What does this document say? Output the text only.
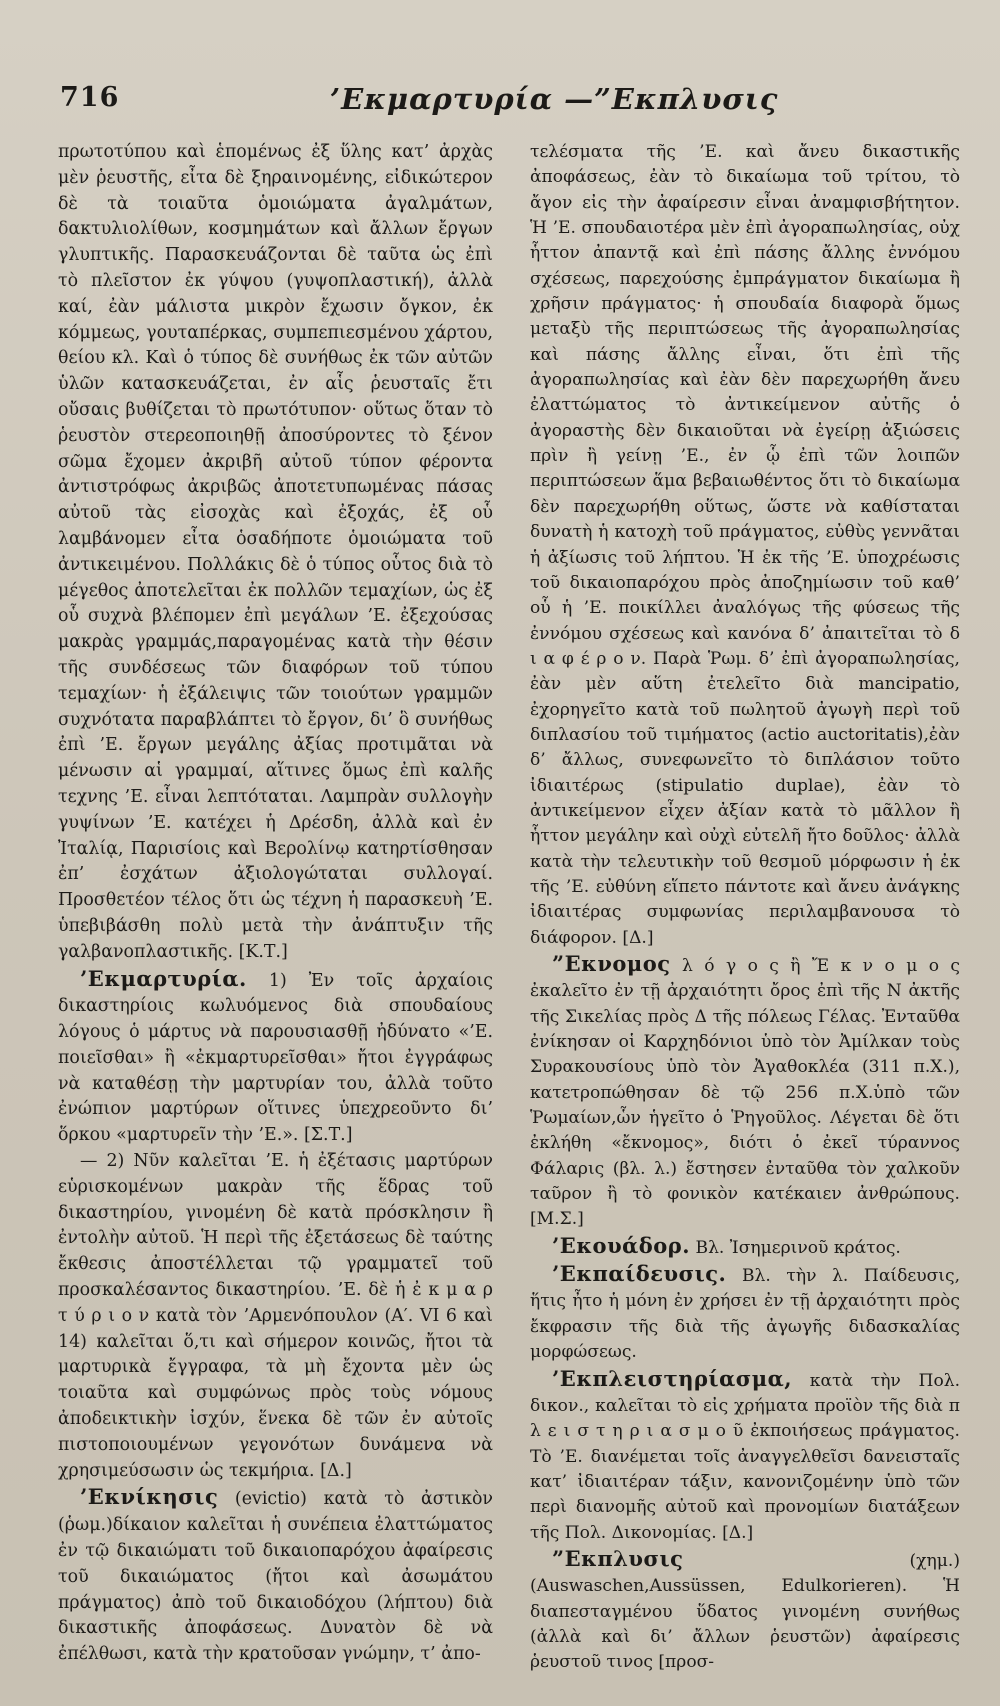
716	’Εκμαρτυρία —”Εκπλυσις

πρωτοτύπου καὶ ἑπομένως ἐξ ὕλης κατ’ ἀρχὰς μὲν ῥευστῆς, εἶτα δὲ ξηραινομένης, εἰδικώτερον δὲ τὰ τοιαῦτα ὁμοιώματα ἀγαλμάτων, δακτυλιολίθων, κοσμημάτων καὶ ἄλλων ἔργων γλυπτικῆς. Παρασκευάζονται δὲ ταῦτα ὡς ἐπὶ τὸ πλεῖστον ἐκ γύψου (γυψοπλαστική), ἀλλὰ καί, ἐὰν μάλιστα μικρὸν ἔχωσιν ὄγκον, ἐκ κόμμεως, γουταπέρκας, συμπεπιεσμένου χάρτου, θείου κλ. Καὶ ὁ τύπος δὲ συνήθως ἐκ τῶν αὐτῶν ὑλῶν κατασκευάζεται, ἐν αἷς ῥευσταῖς ἔτι οὔσαις βυθίζεται τὸ πρωτότυπον· οὕτως ὅταν τὸ ῥευστὸν στερεοποιηθῇ ἀποσύροντες τὸ ξένον σῶμα ἔχομεν ἀκριβῆ αὐτοῦ τύπον φέροντα ἀντιστρόφως ἀκριβῶς ἀποτετυπωμένας πάσας αὐτοῦ τὰς εἰσοχὰς καὶ ἐξοχάς, ἐξ οὗ λαμβάνομεν εἶτα ὁσαδήποτε ὁμοιώματα τοῦ ἀντικειμένου. Πολλάκις δὲ ὁ τύπος οὗτος διὰ τὸ μέγεθος ἀποτελεῖται ἐκ πολλῶν τεμαχίων, ὡς ἐξ οὗ συχνὰ βλέπομεν ἐπὶ μεγάλων ’Ε. ἐξεχούσας μακρὰς γραμμάς,παραγομένας κατὰ τὴν θέσιν τῆς συνδέσεως τῶν διαφόρων τοῦ τύπου τεμαχίων· ἡ ἐξάλειψις τῶν τοιούτων γραμμῶν συχνότατα παραβλάπτει τὸ ἔργον, δι’ ὃ συνήθως ἐπὶ ’Ε. ἔργων μεγάλης ἀξίας προτιμᾶται νὰ μένωσιν αἱ γραμμαί, αἵτινες ὅμως ἐπὶ καλῆς τεχνης ’Ε. εἶναι λεπτόταται. Λαμπρὰν συλλογὴν γυψίνων ’Ε. κατέχει ἡ Δρέσδη, ἀλλὰ καὶ ἐν Ἰταλίᾳ, Παρισίοις καὶ Βερολίνῳ κατηρτίσθησαν ἐπ’ ἐσχάτων ἀξιολογώταται συλλογαί. Προσθετέον τέλος ὅτι ὡς τέχνη ἡ παρασκευὴ ’Ε. ὑπεβιβάσθη πολὺ μετὰ τὴν ἀνάπτυξιν τῆς γαλβανοπλαστικῆς. [Κ.Τ.]

’Εκμαρτυρία. 1) Ἐν τοῖς ἀρχαίοις δικαστηρίοις κωλυόμενος διὰ σπουδαίους λόγους ὁ μάρτυς νὰ παρουσιασθῇ ἠδύνατο «’Ε. ποιεῖσθαι» ἢ «ἐκμαρτυρεῖσθαι» ἤτοι ἐγγράφως νὰ καταθέσῃ τὴν μαρτυρίαν του, ἀλλὰ τοῦτο ἐνώπιον μαρτύρων οἵτινες ὑπεχρεοῦντο δι’ ὅρκου «μαρτυρεῖν τὴν ’Ε.». [Σ.Τ.]

— 2) Νῦν καλεῖται ’Ε. ἡ ἐξέτασις μαρτύρων εὑρισκομένων μακρὰν τῆς ἕδρας τοῦ δικαστηρίου, γινομένη δὲ κατὰ πρόσκλησιν ἢ ἐντολὴν αὐτοῦ. Ἡ περὶ τῆς ἐξετάσεως δὲ ταύτης ἔκθεσις ἀποστέλλεται τῷ γραμματεῖ τοῦ προσκαλέσαντος δικαστηρίου. ’Ε. δὲ ἡ ἐ κ μ α ρ τ ύ ρ ι ο ν κατὰ τὸν ’Αρμενόπουλον (Α′. VI 6 καὶ 14) καλεῖται ὅ,τι καὶ σήμερον κοινῶς, ἤτοι τὰ μαρτυρικὰ ἔγγραφα, τὰ μὴ ἔχοντα μὲν ὡς τοιαῦτα καὶ συμφώνως πρὸς τοὺς νόμους ἀποδεικτικὴν ἰσχύν, ἕνεκα δὲ τῶν ἐν αὐτοῖς πιστοποιουμένων γεγονότων δυνάμενα νὰ χρησιμεύσωσιν ὡς τεκμήρια. [Δ.]

’Εκνίκησις (evictio) κατὰ τὸ ἀστικὸν (ῥωμ.)δίκαιον καλεῖται ἡ συνέπεια ἐλαττώματος ἐν τῷ δικαιώματι τοῦ δικαιοπαρόχου ἀφαίρεσις τοῦ δικαιώματος (ἤτοι καὶ ἀσωμάτου πράγματος) ἀπὸ τοῦ δικαιοδόχου (λήπτου) διὰ δικαστικῆς ἀποφάσεως. Δυνατὸν δὲ νὰ ἐπέλθωσι, κατὰ τὴν κρατοῦσαν γνώμην, τ’ ἀπο-

τελέσματα τῆς ’Ε. καὶ ἄνευ δικαστικῆς ἀποφάσεως, ἐὰν τὸ δικαίωμα τοῦ τρίτου, τὸ ἄγον εἰς τὴν ἀφαίρεσιν εἶναι ἀναμφισβήτητον. Ἡ ’Ε. σπουδαιοτέρα μὲν ἐπὶ ἀγοραπωλησίας, οὐχ ἧττον ἀπαντᾷ καὶ ἐπὶ πάσης ἄλλης ἐννόμου σχέσεως, παρεχούσης ἐμπράγματον δικαίωμα ἢ χρῆσιν πράγματος· ἡ σπουδαία διαφορὰ ὅμως μεταξὺ τῆς περιπτώσεως τῆς ἀγοραπωλησίας καὶ πάσης ἄλλης εἶναι, ὅτι ἐπὶ τῆς ἀγοραπωλησίας καὶ ἐὰν δὲν παρεχωρήθη ἄνευ ἐλαττώματος τὸ ἀντικείμενον αὐτῆς ὁ ἀγοραστὴς δὲν δικαιοῦται νὰ ἐγείρῃ ἀξιώσεις πρὶν ἢ γείνῃ ’Ε., ἐν ᾧ ἐπὶ τῶν λοιπῶν περιπτώσεων ἅμα βεβαιωθέντος ὅτι τὸ δικαίωμα δὲν παρεχωρήθη οὕτως, ὥστε νὰ καθίσταται δυνατὴ ἡ κατοχὴ τοῦ πράγματος, εὐθὺς γεννᾶται ἡ ἀξίωσις τοῦ λήπτου. Ἡ ἐκ τῆς ’Ε. ὑποχρέωσις τοῦ δικαιοπαρόχου πρὸς ἀποζημίωσιν τοῦ καθ’ οὗ ἡ ’Ε. ποικίλλει ἀναλόγως τῆς φύσεως τῆς ἐννόμου σχέσεως καὶ κανόνα δ’ ἀπαιτεῖται τὸ δ ι α φ έ ρ ο ν. Παρὰ Ῥωμ. δ’ ἐπὶ ἀγοραπωλησίας, ἐὰν μὲν αὕτη ἐτελεῖτο διὰ mancipatio, ἐχορηγεῖτο κατὰ τοῦ πωλητοῦ ἀγωγὴ περὶ τοῦ διπλασίου τοῦ τιμήματος (actio auctoritatis),ἐὰν δ’ ἄλλως, συνεφωνεῖτο τὸ διπλάσιον τοῦτο ἰδιαιτέρως (stipulatio duplae), ἐὰν τὸ ἀντικείμενον εἶχεν ἀξίαν κατὰ τὸ μᾶλλον ἢ ἧττον μεγάλην καὶ οὐχὶ εὐτελῆ ἤτο δοῦλος· ἀλλὰ κατὰ τὴν τελευτικὴν τοῦ θεσμοῦ μόρφωσιν ἡ ἐκ τῆς ’Ε. εὐθύνη εἵπετο πάντοτε καὶ ἄνευ ἀνάγκης ἰδιαιτέρας συμφωνίας περιλαμβανουσα τὸ διάφορον. [Δ.]

”Εκνομος λ ό γ ο ς ἢ Ἔ κ ν ο μ ο ς ἐκαλεῖτο ἐν τῇ ἀρχαιότητι ὄρος ἐπὶ τῆς Ν ἀκτῆς τῆς Σικελίας πρὸς Δ τῆς πόλεως Γέλας. Ἐνταῦθα ἐνίκησαν οἱ Καρχηδόνιοι ὑπὸ τὸν Ἀμίλκαν τοὺς Συρακουσίους ὑπὸ τὸν Ἀγαθοκλέα (311 π.Χ.), κατετροπώθησαν δὲ τῷ 256 π.Χ.ὑπὸ τῶν Ῥωμαίων,ὧν ἡγεῖτο ὁ Ῥηγοῦλος. Λέγεται δὲ ὅτι ἐκλήθη «ἔκνομος», διότι ὁ ἐκεῖ τύραννος Φάλαρις (βλ. λ.) ἔστησεν ἐνταῦθα τὸν χαλκοῦν ταῦρον ἢ τὸ φονικὸν κατέκαιεν ἀνθρώπους. [Μ.Σ.]

’Εκουάδορ. Βλ. Ἰσημερινοῦ κράτος.

’Εκπαίδευσις. Βλ. τὴν λ. Παίδευσις, ἥτις ἦτο ἡ μόνη ἐν χρήσει ἐν τῇ ἀρχαιότητι πρὸς ἔκφρασιν τῆς διὰ τῆς ἀγωγῆς διδασκαλίας μορφώσεως.

’Εκπλειστηρίασμα, κατὰ τὴν Πολ. δικον., καλεῖται τὸ εἰς χρήματα προϊὸν τῆς διὰ π λ ε ι σ τ η ρ ι α σ μ ο ῦ ἐκποιήσεως πράγματος. Τὸ ’Ε. διανέμεται τοῖς ἀναγγελθεῖσι δανεισταῖς κατ’ ἰδιαιτέραν τάξιν, κανονιζομένην ὑπὸ τῶν περὶ διανομῆς αὐτοῦ καὶ προνομίων διατάξεων τῆς Πολ. Δικονομίας. [Δ.]

”Εκπλυσις	(χημ.) (Auswaschen,Aussüssen, Edulkorieren). Ἡ διαπεσταγμένου ὕδατος γινομένη συνήθως (ἀλλὰ καὶ δι’ ἄλλων ῥευστῶν) ἀφαίρεσις ῥευστοῦ τινος [προσ-
